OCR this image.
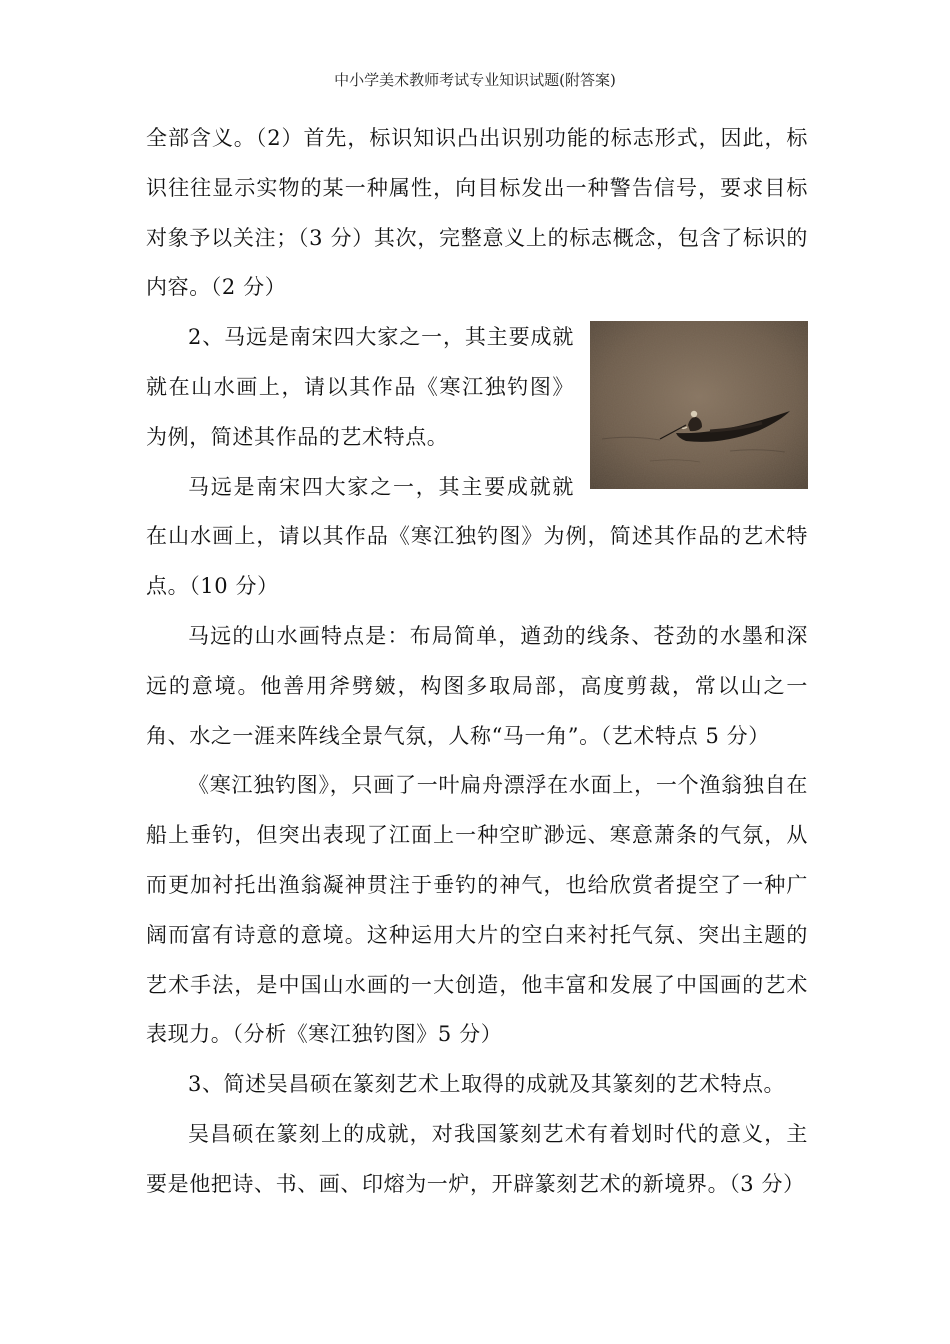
中小学美术教师考试专业知识试题(附答案)

全部含义。（2）首先，标识知识凸出识别功能的标志形式，因此，标识往往显示实物的某一种属性，向目标发出一种警告信号，要求目标对象予以关注；（3 分）其次，完整意义上的标志概念，包含了标识的内容。（2 分）

2、马远是南宋四大家之一，其主要成就就在山水画上，请以其作品《寒江独钓图》为例，简述其作品的艺术特点。

马远是南宋四大家之一，其主要成就就在山水画上，请以其作品《寒江独钓图》为例，简述其作品的艺术特点。（10 分）

马远的山水画特点是：布局简单，遒劲的线条、苍劲的水墨和深远的意境。他善用斧劈皴，构图多取局部，高度剪裁，常以山之一角、水之一涯来阵线全景气氛，人称“马一角”。（艺术特点 5 分）

《寒江独钓图》，只画了一叶扁舟漂浮在水面上，一个渔翁独自在船上垂钓，但突出表现了江面上一种空旷渺远、寒意萧条的气氛，从而更加衬托出渔翁凝神贯注于垂钓的神气，也给欣赏者提空了一种广阔而富有诗意的意境。这种运用大片的空白来衬托气氛、突出主题的艺术手法，是中国山水画的一大创造，他丰富和发展了中国画的艺术表现力。（分析《寒江独钓图》5 分）

3、简述吴昌硕在篆刻艺术上取得的成就及其篆刻的艺术特点。

吴昌硕在篆刻上的成就，对我国篆刻艺术有着划时代的意义，主要是他把诗、书、画、印熔为一炉，开辟篆刻艺术的新境界。（3 分）
